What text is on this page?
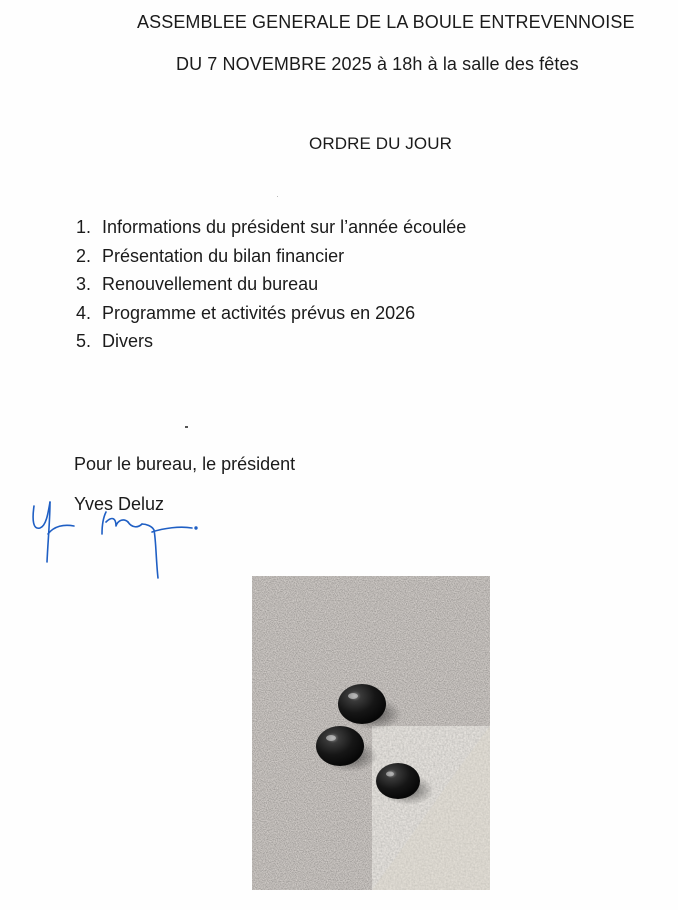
ASSEMBLEE GENERALE DE LA BOULE ENTREVENNOISE
DU 7 NOVEMBRE 2025 à 18h à la salle des fêtes
ORDRE DU JOUR
1. Informations du président sur l’année écoulée
2. Présentation du bilan financier
3. Renouvellement du bureau
4. Programme et activités prévus en 2026
5. Divers
Pour le bureau, le président
Yves Deluz
